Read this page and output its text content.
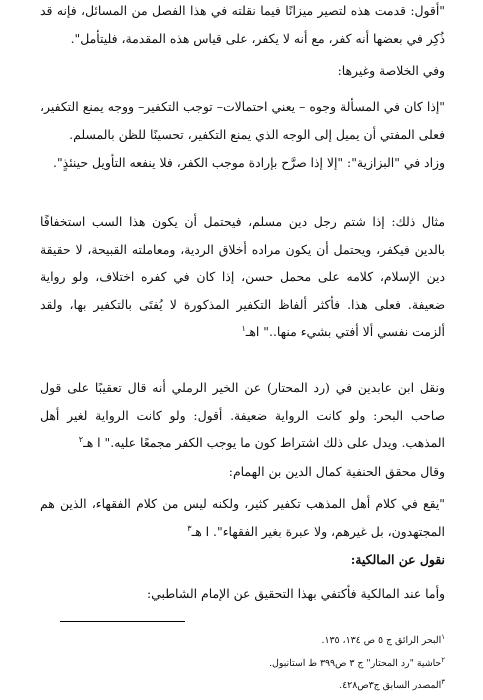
$^١$البحر الرائق ج ٥ ص ١٣٤، ١٣٥.
$^٢$حاشية "رد المحتار" ج ٣ ص٣٩٩ ط استانبول.
$^٣$المصدر السابق ج٣ص٤٢٨.

"أقول: قدمت هذه لتصير ميزانًا فيما نقلته في هذا الفصل من المسائل، فإنه قد ذُكِر في بعضها أنه كفر، مع أنه لا يكفر، على قياس هذه المقدمة، فليتأمل".

وفي الخلاصة وغيرها:

"إذا كان في المسألة وجوه – يعني احتمالات– توجب التكفير– ووجه يمنع التكفير، فعلى المفتي أن يميل إلى الوجه الذي يمنع التكفير، تحسينًا للظن بالمسلم.

وزاد في "البزازية": "إلا إذا صرَّح بإرادة موجب الكفر، فلا ينفعه التأويل حينئذٍ".

مثال ذلك: إذا شتم رجل دين مسلم، فيحتمل أن يكون هذا السب استخفافًا بالدين فيكفر، ويحتمل أن يكون مراده أخلاق الردية، ومعاملته القبيحة، لا حقيقة دين الإسلام، كلامه على محمل حسن، إذا كان في كفره اختلاف، ولو رواية ضعيفة. فعلى هذا. فأكثر ألفاظ التكفير المذكورة لا يُفتَى بالتكفير بها، ولقد ألزمت نفسي ألا أفتي بشيء منها.." اهـ$^١$

ونقل ابن عابدين في (رد المحتار) عن الخير الرملي أنه قال تعقيبًا على قول صاحب البحر: ولو كانت الرواية ضعيفة. أقول: ولو كانت الرواية لغير أهل المذهب. ويدل على ذلك اشتراط كون ما يوجب الكفر مجمعًا عليه." ا هـ$^٢$

وقال محقق الحنفية كمال الدين بن الهمام:

"يقع في كلام أهل المذهب تكفير كثير، ولكنه ليس من كلام الفقهاء، الذين هم المجتهدون، بل غيرهم، ولا عبرة بغير الفقهاء". ا هـ$^٣$

نقول عن المالكية:

وأما عند المالكية فأكتفي بهذا التحقيق عن الإمام الشاطبي:
